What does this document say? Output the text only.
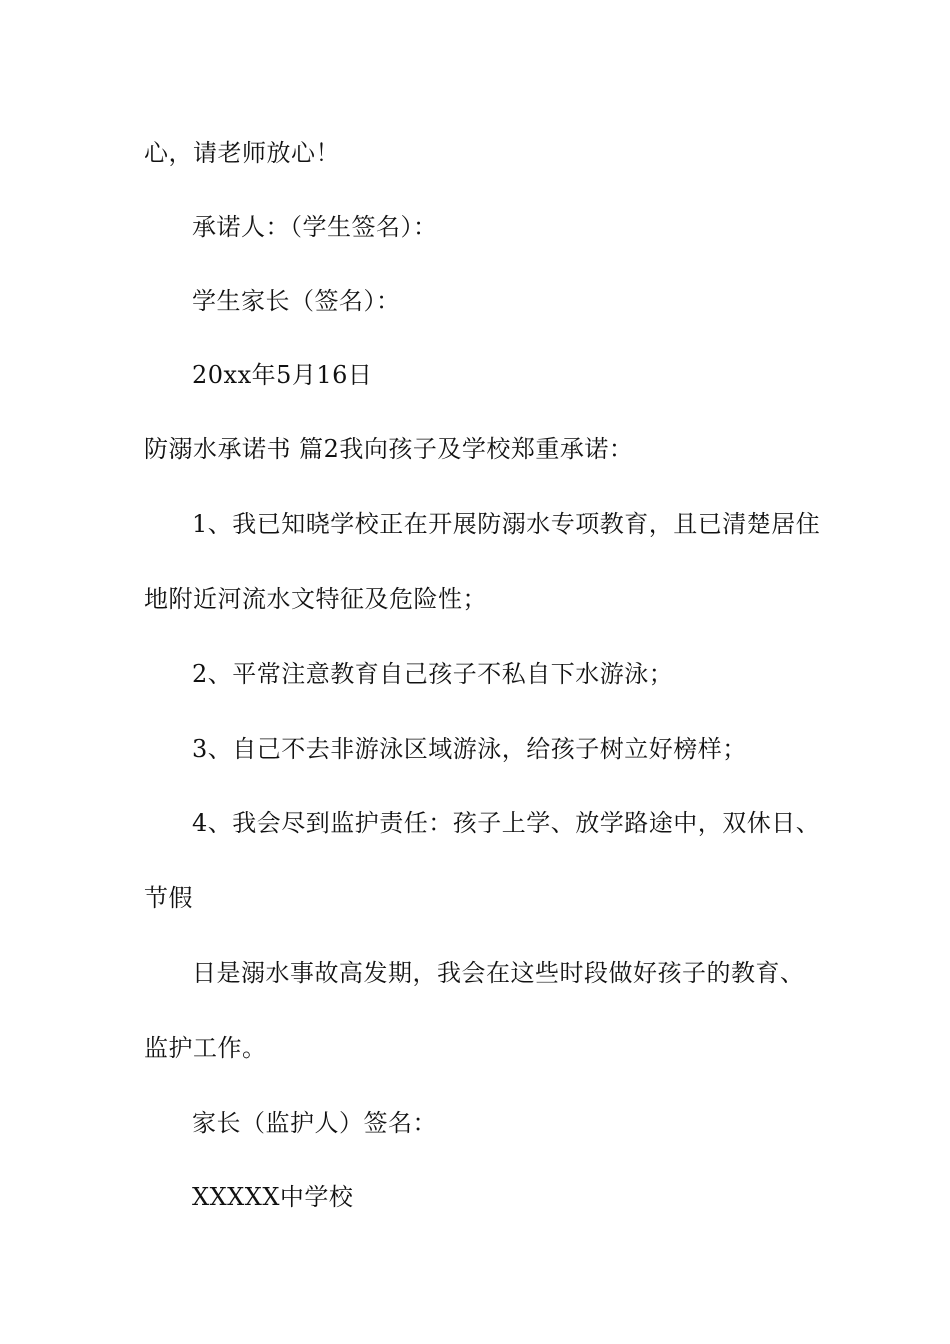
心，请老师放心！
承诺人：（学生签名）：
学生家长（签名）：
20xx年5月16日
防溺水承诺书 篇2我向孩子及学校郑重承诺：
1、我已知晓学校正在开展防溺水专项教育，且已清楚居住
地附近河流水文特征及危险性；
2、平常注意教育自己孩子不私自下水游泳；
3、自己不去非游泳区域游泳，给孩子树立好榜样；
4、我会尽到监护责任：孩子上学、放学路途中，双休日、
节假
日是溺水事故高发期，我会在这些时段做好孩子的教育、
监护工作。
家长（监护人）签名：
XXXXX中学校
